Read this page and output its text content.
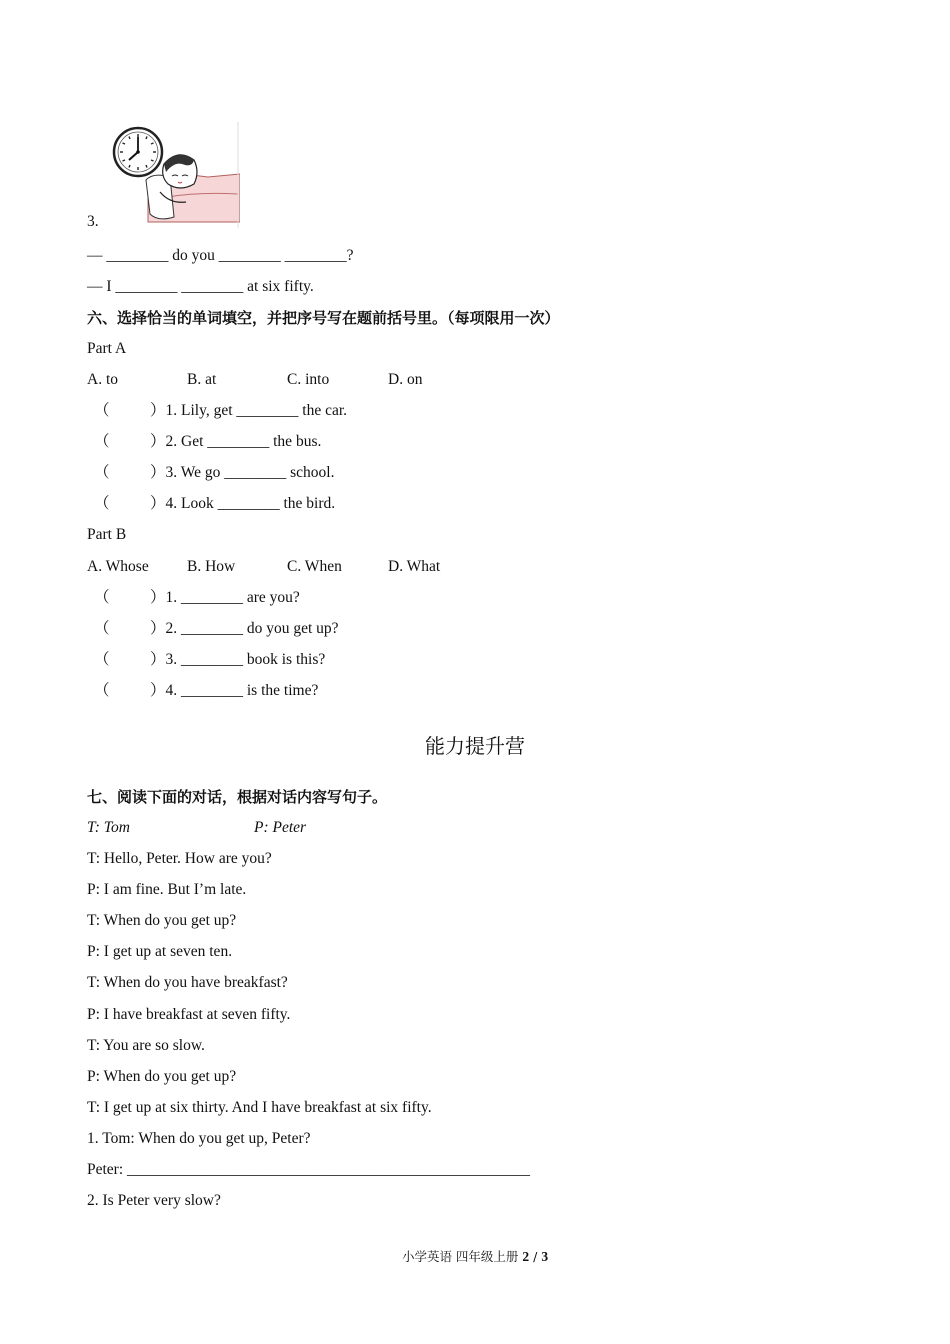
3.
— ________ do you ________ ________?
— I ________ ________ at six fifty.
六、选择恰当的单词填空，并把序号写在题前括号里。（每项限用一次）
Part A
A. to	B. at	C. into	D. on
（	）1. Lily, get ________ the car.
（	）2. Get ________ the bus.
（	）3. We go ________ school.
（	）4. Look ________ the bird.
Part B
A. Whose B. How	C. When	D. What
（	）1. ________ are you?
（	）2. ________ do you get up?
（	）3. ________ book is this?
（	）4. ________ is the time?
能力提升营
七、阅读下面的对话，根据对话内容写句子。
T: Tom	P: Peter
T: Hello, Peter. How are you?
P: I am fine. But I’m late.
T: When do you get up?
P: I get up at seven ten.
T: When do you have breakfast?
P: I have breakfast at seven fifty.
T: You are so slow.
P: When do you get up?
T: I get up at six thirty. And I have breakfast at six fifty.
1. Tom: When do you get up, Peter?
Peter: ____________________________________________________
2. Is Peter very slow?
小学英语 四年级上册 2 / 3
